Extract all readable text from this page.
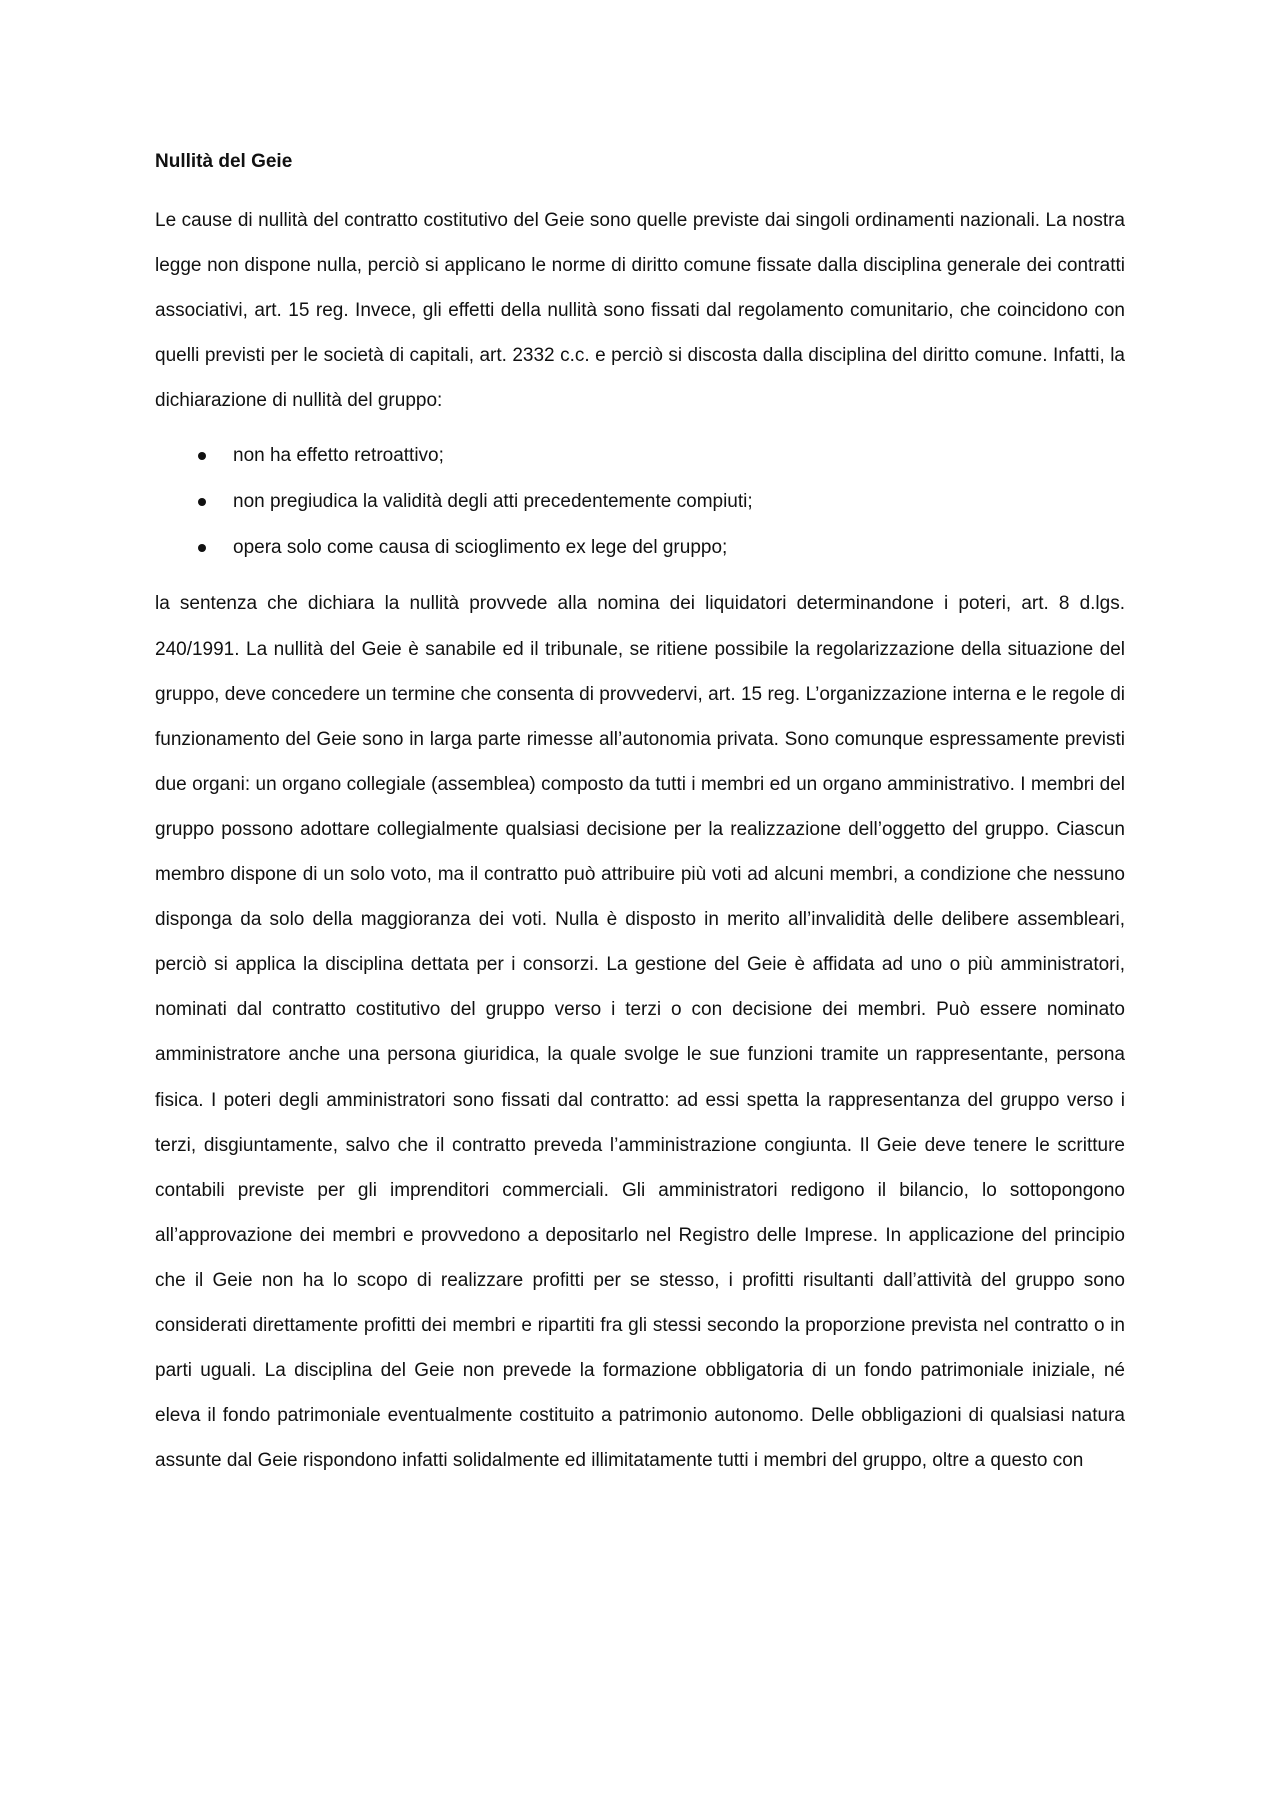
Nullità del Geie

Le cause di nullità del contratto costitutivo del Geie sono quelle previste dai singoli ordinamenti nazionali. La nostra legge non dispone nulla, perciò si applicano le norme di diritto comune fissate dalla disciplina generale dei contratti associativi, art. 15 reg. Invece, gli effetti della nullità sono fissati dal regolamento comunitario, che coincidono con quelli previsti per le società di capitali, art. 2332 c.c. e perciò si discosta dalla disciplina del diritto comune. Infatti, la dichiarazione di nullità del gruppo:

non ha effetto retroattivo;
non pregiudica la validità degli atti precedentemente compiuti;
opera solo come causa di scioglimento ex lege del gruppo;

la sentenza che dichiara la nullità provvede alla nomina dei liquidatori determinandone i poteri, art. 8 d.lgs. 240/1991. La nullità del Geie è sanabile ed il tribunale, se ritiene possibile la regolarizzazione della situazione del gruppo, deve concedere un termine che consenta di provvedervi, art. 15 reg. L’organizzazione interna e le regole di funzionamento del Geie sono in larga parte rimesse all’autonomia privata. Sono comunque espressamente previsti due organi: un organo collegiale (assemblea) composto da tutti i membri ed un organo amministrativo. I membri del gruppo possono adottare collegialmente qualsiasi decisione per la realizzazione dell’oggetto del gruppo. Ciascun membro dispone di un solo voto, ma il contratto può attribuire più voti ad alcuni membri, a condizione che nessuno disponga da solo della maggioranza dei voti. Nulla è disposto in merito all’invalidità delle delibere assembleari, perciò si applica la disciplina dettata per i consorzi. La gestione del Geie è affidata ad uno o più amministratori, nominati dal contratto costitutivo del gruppo verso i terzi o con decisione dei membri. Può essere nominato amministratore anche una persona giuridica, la quale svolge le sue funzioni tramite un rappresentante, persona fisica. I poteri degli amministratori sono fissati dal contratto: ad essi spetta la rappresentanza del gruppo verso i terzi, disgiuntamente, salvo che il contratto preveda l’amministrazione congiunta. Il Geie deve tenere le scritture contabili previste per gli imprenditori commerciali. Gli amministratori redigono il bilancio, lo sottopongono all’approvazione dei membri e provvedono a depositarlo nel Registro delle Imprese. In applicazione del principio che il Geie non ha lo scopo di realizzare profitti per se stesso, i profitti risultanti dall’attività del gruppo sono considerati direttamente profitti dei membri e ripartiti fra gli stessi secondo la proporzione prevista nel contratto o in parti uguali. La disciplina del Geie non prevede la formazione obbligatoria di un fondo patrimoniale iniziale, né eleva il fondo patrimoniale eventualmente costituito a patrimonio autonomo. Delle obbligazioni di qualsiasi natura assunte dal Geie rispondono infatti solidalmente ed illimitatamente tutti i membri del gruppo, oltre a questo con
